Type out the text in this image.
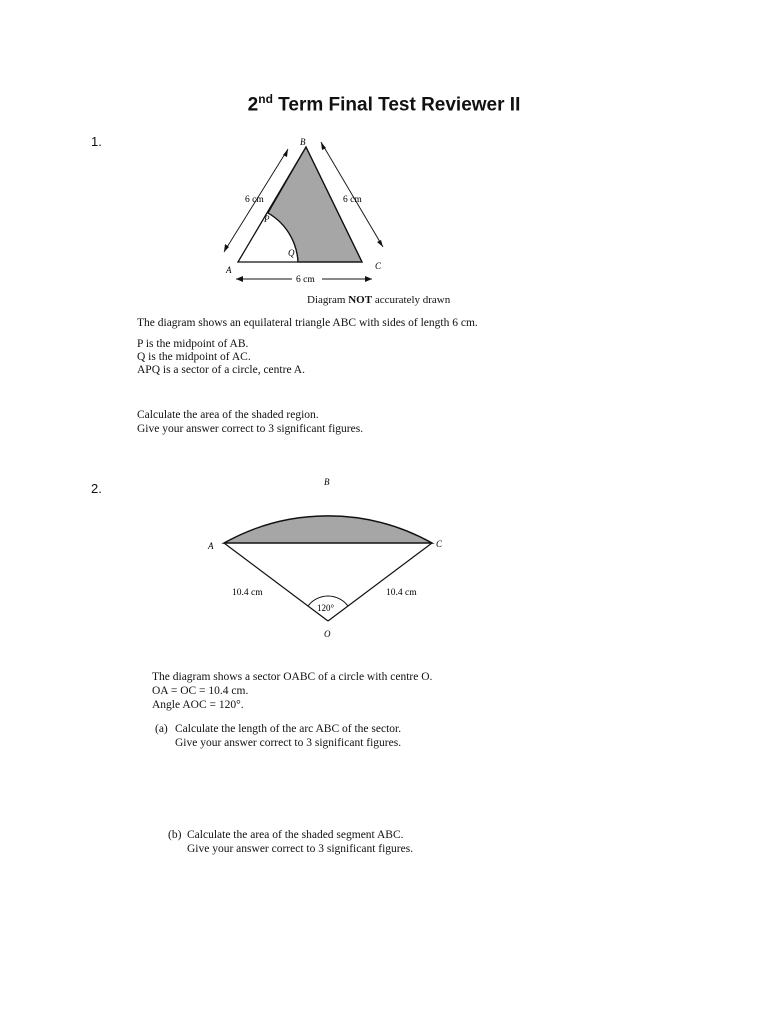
2nd Term Final Test Reviewer II
1.	B
A	C
P
Q
6 cm	6 cm
6 cm
Diagram NOT accurately drawn

The diagram shows an equilateral triangle ABC with sides of length 6 cm.

P is the midpoint of AB.

Q is the midpoint of AC.

APQ is a sector of a circle, centre A.

Calculate the area of the shaded region.

Give your answer correct to 3 significant figures.

2.	B
A	C
O
10.4 cm	10.4 cm
120°

The diagram shows a sector OABC of a circle with centre O.

OA = OC = 10.4 cm.

Angle AOC = 120°.

(a) Calculate the length of the arc ABC of the sector.

Give your answer correct to 3 significant figures.

(b) Calculate the area of the shaded segment ABC.

Give your answer correct to 3 significant figures.
